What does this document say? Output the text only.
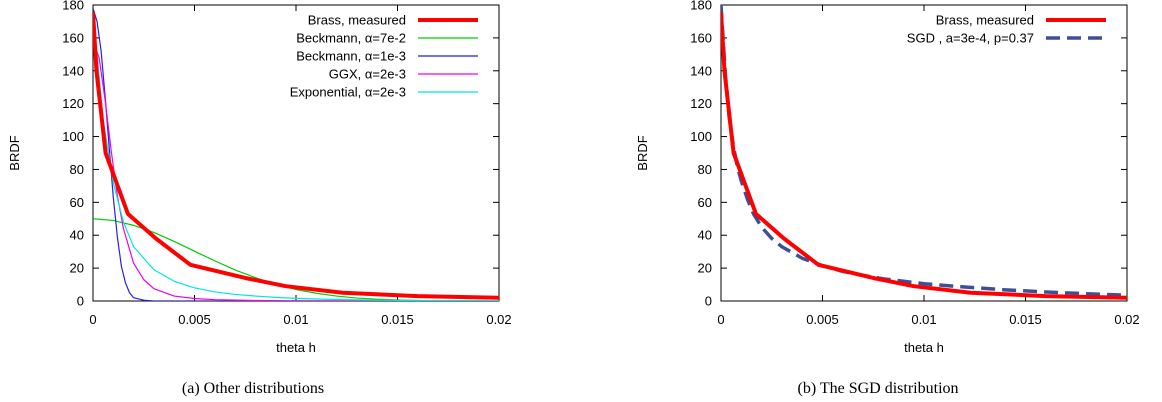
0
20
40
60
80
100
120
140
160
180
0	0.005	0.01	0.015	0.02
theta h
BRDF
Brass, measured
Beckmann, α=7e-2
Beckmann, α=1e-3
GGX, α=2e-3
Exponential, α=2e-3
(a) Other distributions
0
20
40
60
80
100
120
140
160
180
0	0.005	0.01	0.015	0.02
theta h
BRDF
Brass, measured
SGD , a=3e-4, p=0.37
(b) The SGD distribution
